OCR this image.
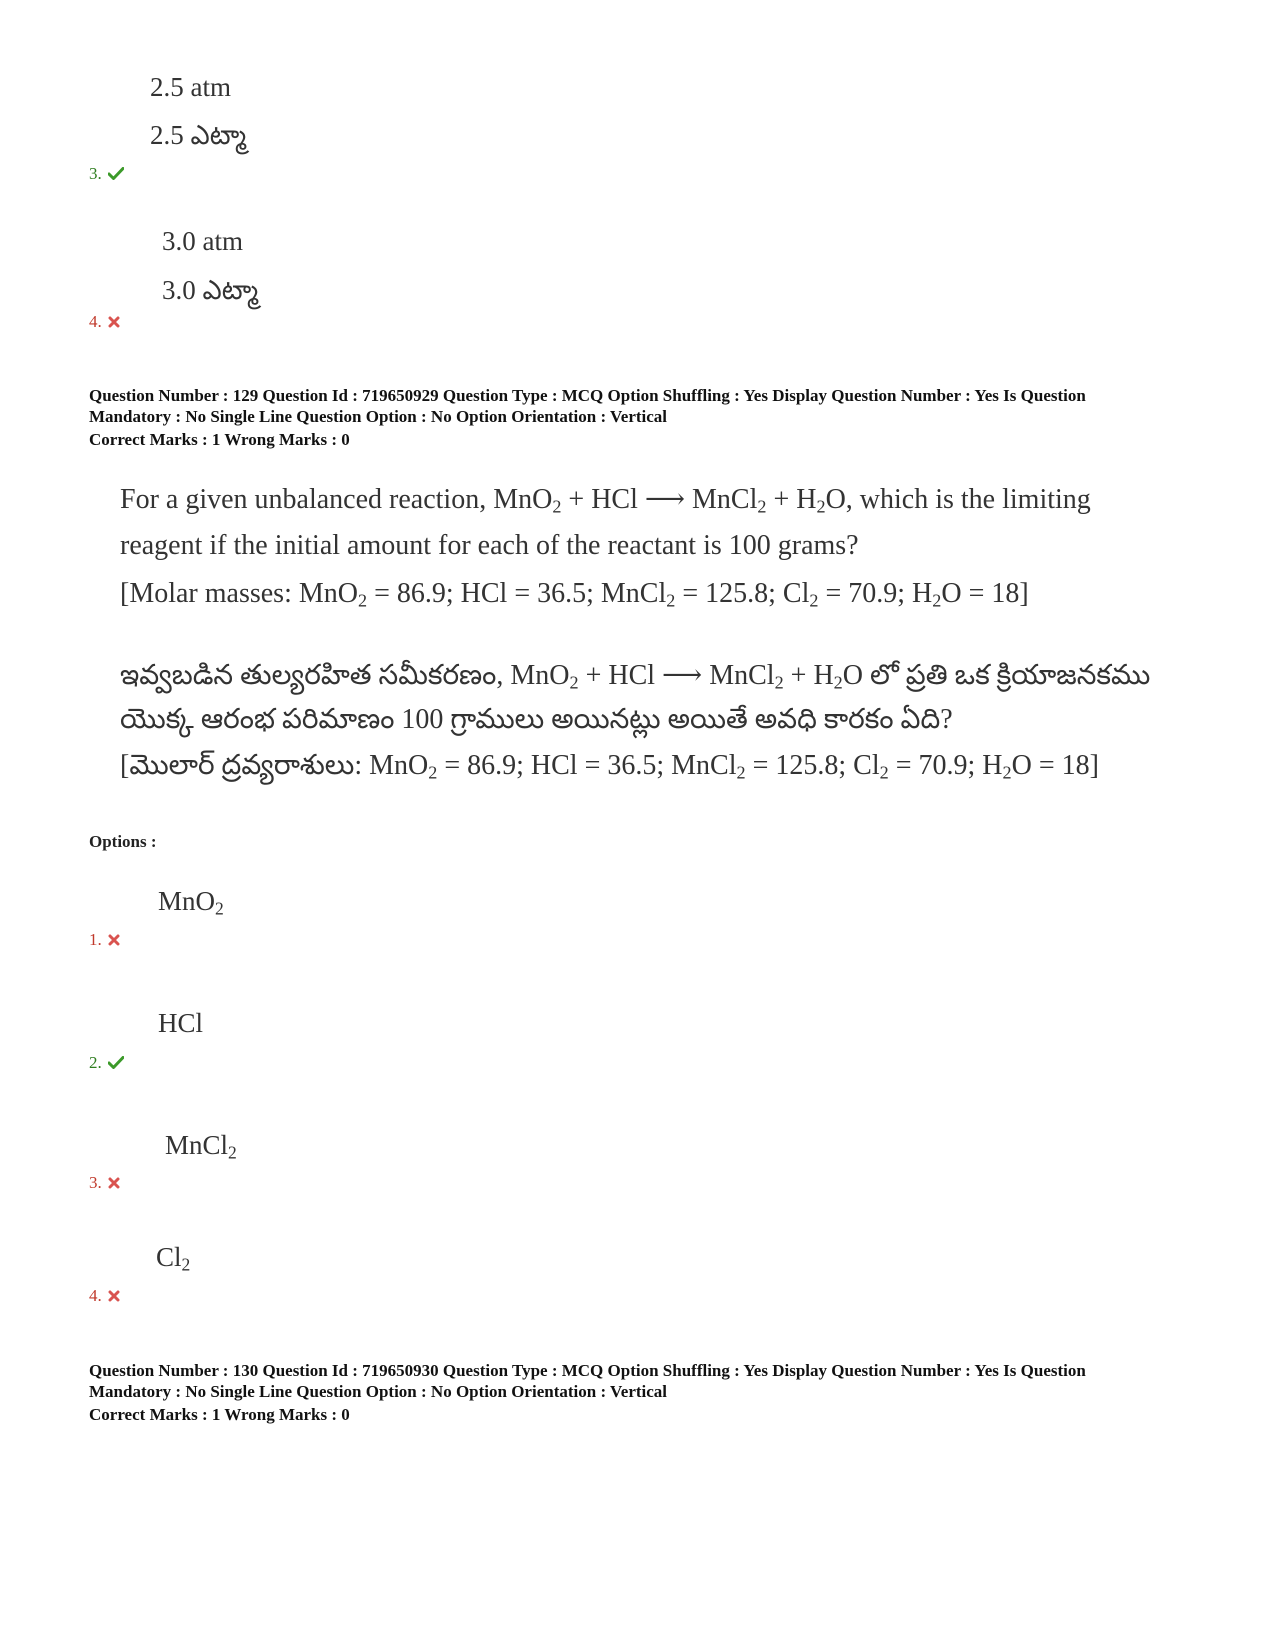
2.5 atm
2.5 ఎట్మా
3.
3.0 atm
3.0 ఎట్మా
4.
Question Number : 129 Question Id : 719650929 Question Type : MCQ Option Shuffling : Yes Display Question Number : Yes Is Question
Mandatory : No Single Line Question Option : No Option Orientation : Vertical
Correct Marks : 1 Wrong Marks : 0
For a given unbalanced reaction, MnO$_2$ + HCl ⟶ MnCl$_2$ + $H_2O$, which is the limiting
reagent if the initial amount for each of the reactant is 100 grams?
[Molar masses: MnO$_2$ = 86.9; HCl = 36.5; MnCl$_2$ = 125.8; $Cl_2 = 70.9$; $H_2O = 18$]
ఇవ్వబడిన తుల్యరహిత సమీకరణం, MnO$_2$ + HCl ⟶ MnCl$_2$ + $H_2O$ లో ప్రతి ఒక క్రియాజనకము
యొక్క ఆరంభ పరిమాణం 100 గ్రాములు అయినట్లు అయితే అవధి కారకం ఏది?
[మొలార్ ద్రవ్యరాశులు: MnO$_2$ = 86.9; HCl = 36.5; MnCl$_2$ = 125.8; $Cl_2 = 70.9$; $H_2O = 18$]
Options :
MnO$_2$
1.
HCl
2.
MnCl$_2$
3.
$Cl_2$
4.
Question Number : 130 Question Id : 719650930 Question Type : MCQ Option Shuffling : Yes Display Question Number : Yes Is Question
Mandatory : No Single Line Question Option : No Option Orientation : Vertical
Correct Marks : 1 Wrong Marks : 0
